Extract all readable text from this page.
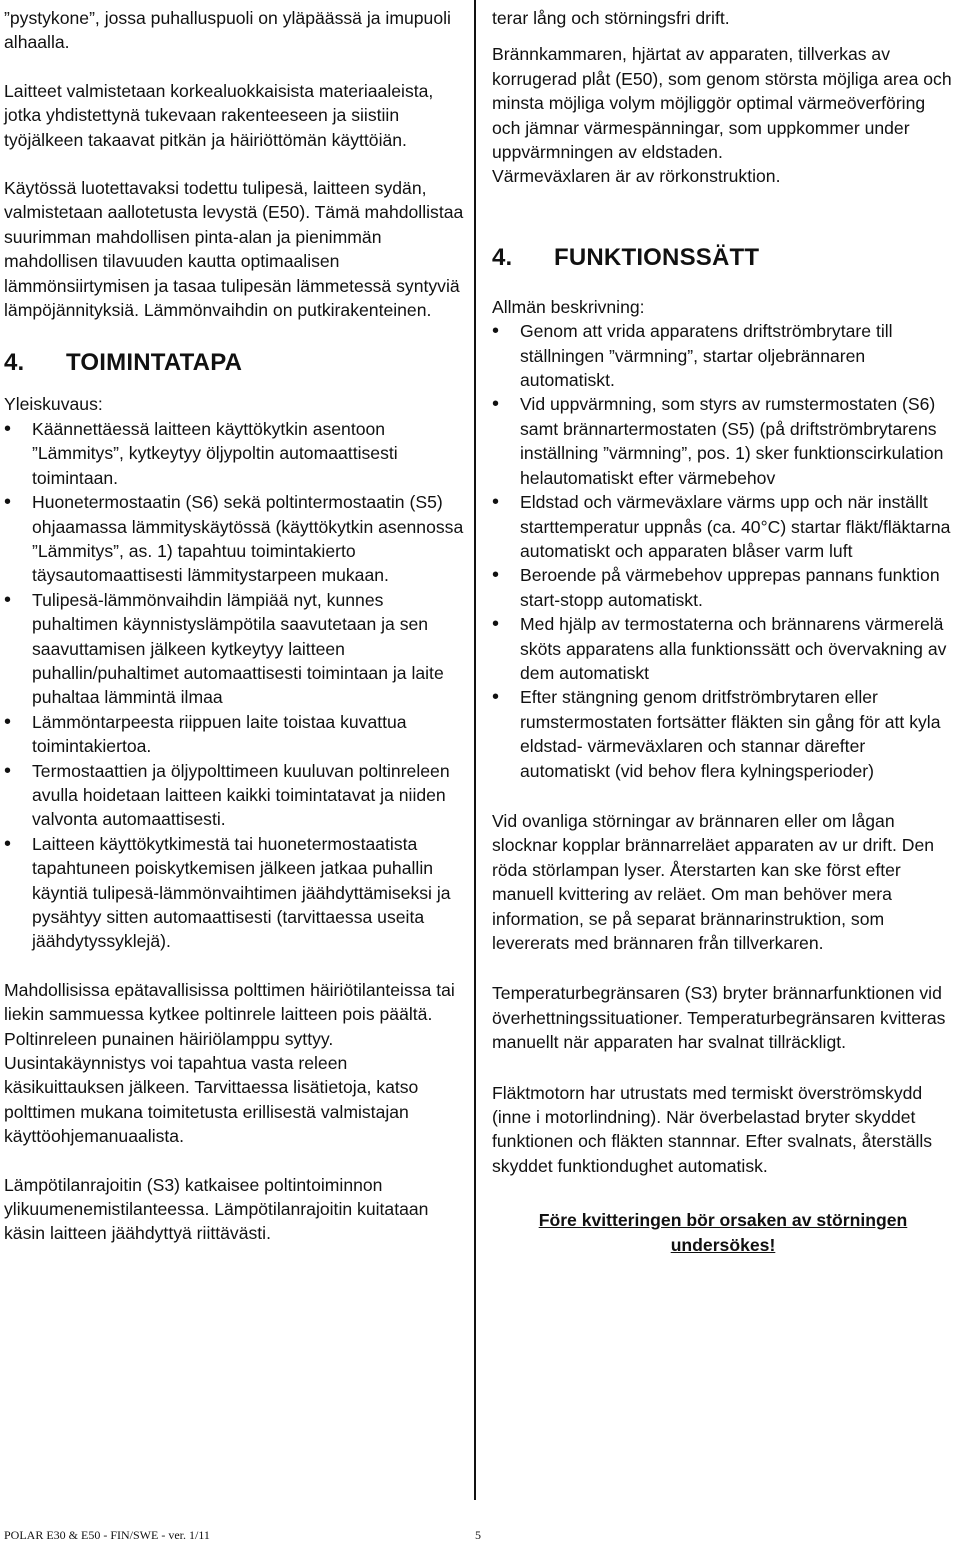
”pystykone”, jossa puhalluspuoli on yläpäässä ja imupuoli alhaalla.

Laitteet valmistetaan korkealuokkaisista materiaaleista, jotka yhdistettynä tukevaan rakenteeseen ja siistiin työjälkeen takaavat pitkän ja häiriöttömän käyttöiän.

Käytössä luotettavaksi todettu tulipesä, laitteen sydän, valmistetaan aallotetusta levystä (E50). Tämä mahdollistaa suurimman mahdollisen pinta-alan ja pienimmän mahdollisen tilavuuden kautta optimaalisen lämmönsiirtymisen ja tasaa tulipesän lämmetessä syntyviä lämpöjännityksiä. Lämmönvaihdin on putkirakenteinen.

4. TOIMINTATAPA

Yleiskuvaus:

• Käännettäessä laitteen käyttökytkin asentoon ”Lämmitys”, kytkeytyy öljypoltin automaattisesti toimintaan.
• Huonetermostaatin (S6) sekä poltintermostaatin (S5) ohjaamassa lämmityskäytössä (käyttökytkin asennossa ”Lämmitys”, as. 1) tapahtuu toimintakierto täysautomaattisesti lämmitystarpeen mukaan.
• Tulipesä-lämmönvaihdin lämpiää nyt, kunnes puhaltimen käynnistyslämpötila saavutetaan ja sen saavuttamisen jälkeen kytkeytyy laitteen puhallin/puhaltimet automaattisesti toimintaan ja laite puhaltaa lämmintä ilmaa
• Lämmöntarpeesta riippuen laite toistaa kuvattua toimintakiertoa.
• Termostaattien ja öljypolttimeen kuuluvan poltinreleen avulla hoidetaan laitteen kaikki toimintatavat ja niiden valvonta automaattisesti.
• Laitteen käyttökytkimestä tai huonetermostaatista tapahtuneen poiskytkemisen jälkeen jatkaa puhallin käyntiä tulipesä-lämmönvaihtimen jäähdyttämiseksi ja pysähtyy sitten automaattisesti (tarvittaessa useita jäähdytyssyklejä).

Mahdollisissa epätavallisissa polttimen häiriötilanteissa tai liekin sammuessa kytkee poltinrele laitteen pois päältä. Poltinreleen punainen häiriölamppu syttyy. Uusintakäynnistys voi tapahtua vasta releen käsikuittauksen jälkeen. Tarvittaessa lisätietoja, katso polttimen mukana toimitetusta erillisestä valmistajan käyttöohjemanuaalista.

Lämpötilanrajoitin (S3) katkaisee poltintoiminnon ylikuumenemistilanteessa. Lämpötilanrajoitin kuitataan käsin laitteen jäähdyttyä riittävästi.

terar lång och störningsfri drift.

Brännkammaren, hjärtat av apparaten, tillverkas av korrugerad plåt (E50), som genom största möjliga area och minsta möjliga volym möjliggör optimal värmeöverföring och jämnar värmespänningar, som uppkommer under uppvärmningen av eldstaden.

Värmeväxlaren är av rörkonstruktion.

4. FUNKTIONSSÄTT

Allmän beskrivning:

• Genom att vrida apparatens driftströmbrytare till ställningen ”värmning”, startar oljebrännaren automatiskt.
• Vid uppvärmning, som styrs av rumstermostaten (S6) samt brännartermostaten (S5) (på driftströmbrytarens inställning ”värmning”, pos. 1) sker funktionscirkulation helautomatiskt efter värmebehov
• Eldstad och värmeväxlare värms upp och när inställt starttemperatur uppnås (ca. 40°C) startar fläkt/fläktarna automatiskt och apparaten blåser varm luft
• Beroende på värmebehov upprepas pannans funktion start-stopp automatiskt.
• Med hjälp av termostaterna och brännarens värmerelä sköts apparatens alla funktionssätt och övervakning av dem automatiskt
• Efter stängning genom dritfströmbrytaren eller rumstermostaten fortsätter fläkten sin gång för att kyla eldstad- värmeväxlaren och stannar därefter automatiskt (vid behov flera kylningsperioder)

Vid ovanliga störningar av brännaren eller om lågan slocknar kopplar brännarreläet apparaten av ur drift. Den röda störlampan lyser. Återstarten kan ske först efter manuell kvittering av reläet. Om man behöver mera information, se på separat brännarinstruktion, som levererats med brännaren från tillverkaren.

Temperaturbegränsaren (S3) bryter brännarfunktionen vid överhettningssituationer. Temperaturbegränsaren kvitteras manuellt när apparaten har svalnat tillräckligt.

Fläktmotorn har utrustats med termiskt överströmskydd (inne i motorlindning). När överbelastad bryter skyddet funktionen och fläkten stannnar. Efter svalnats, återställs skyddet funktiondughet automatisk.

Före kvitteringen bör orsaken av störningen undersökes!

POLAR E30 & E50 - FIN/SWE - ver. 1/11	5
